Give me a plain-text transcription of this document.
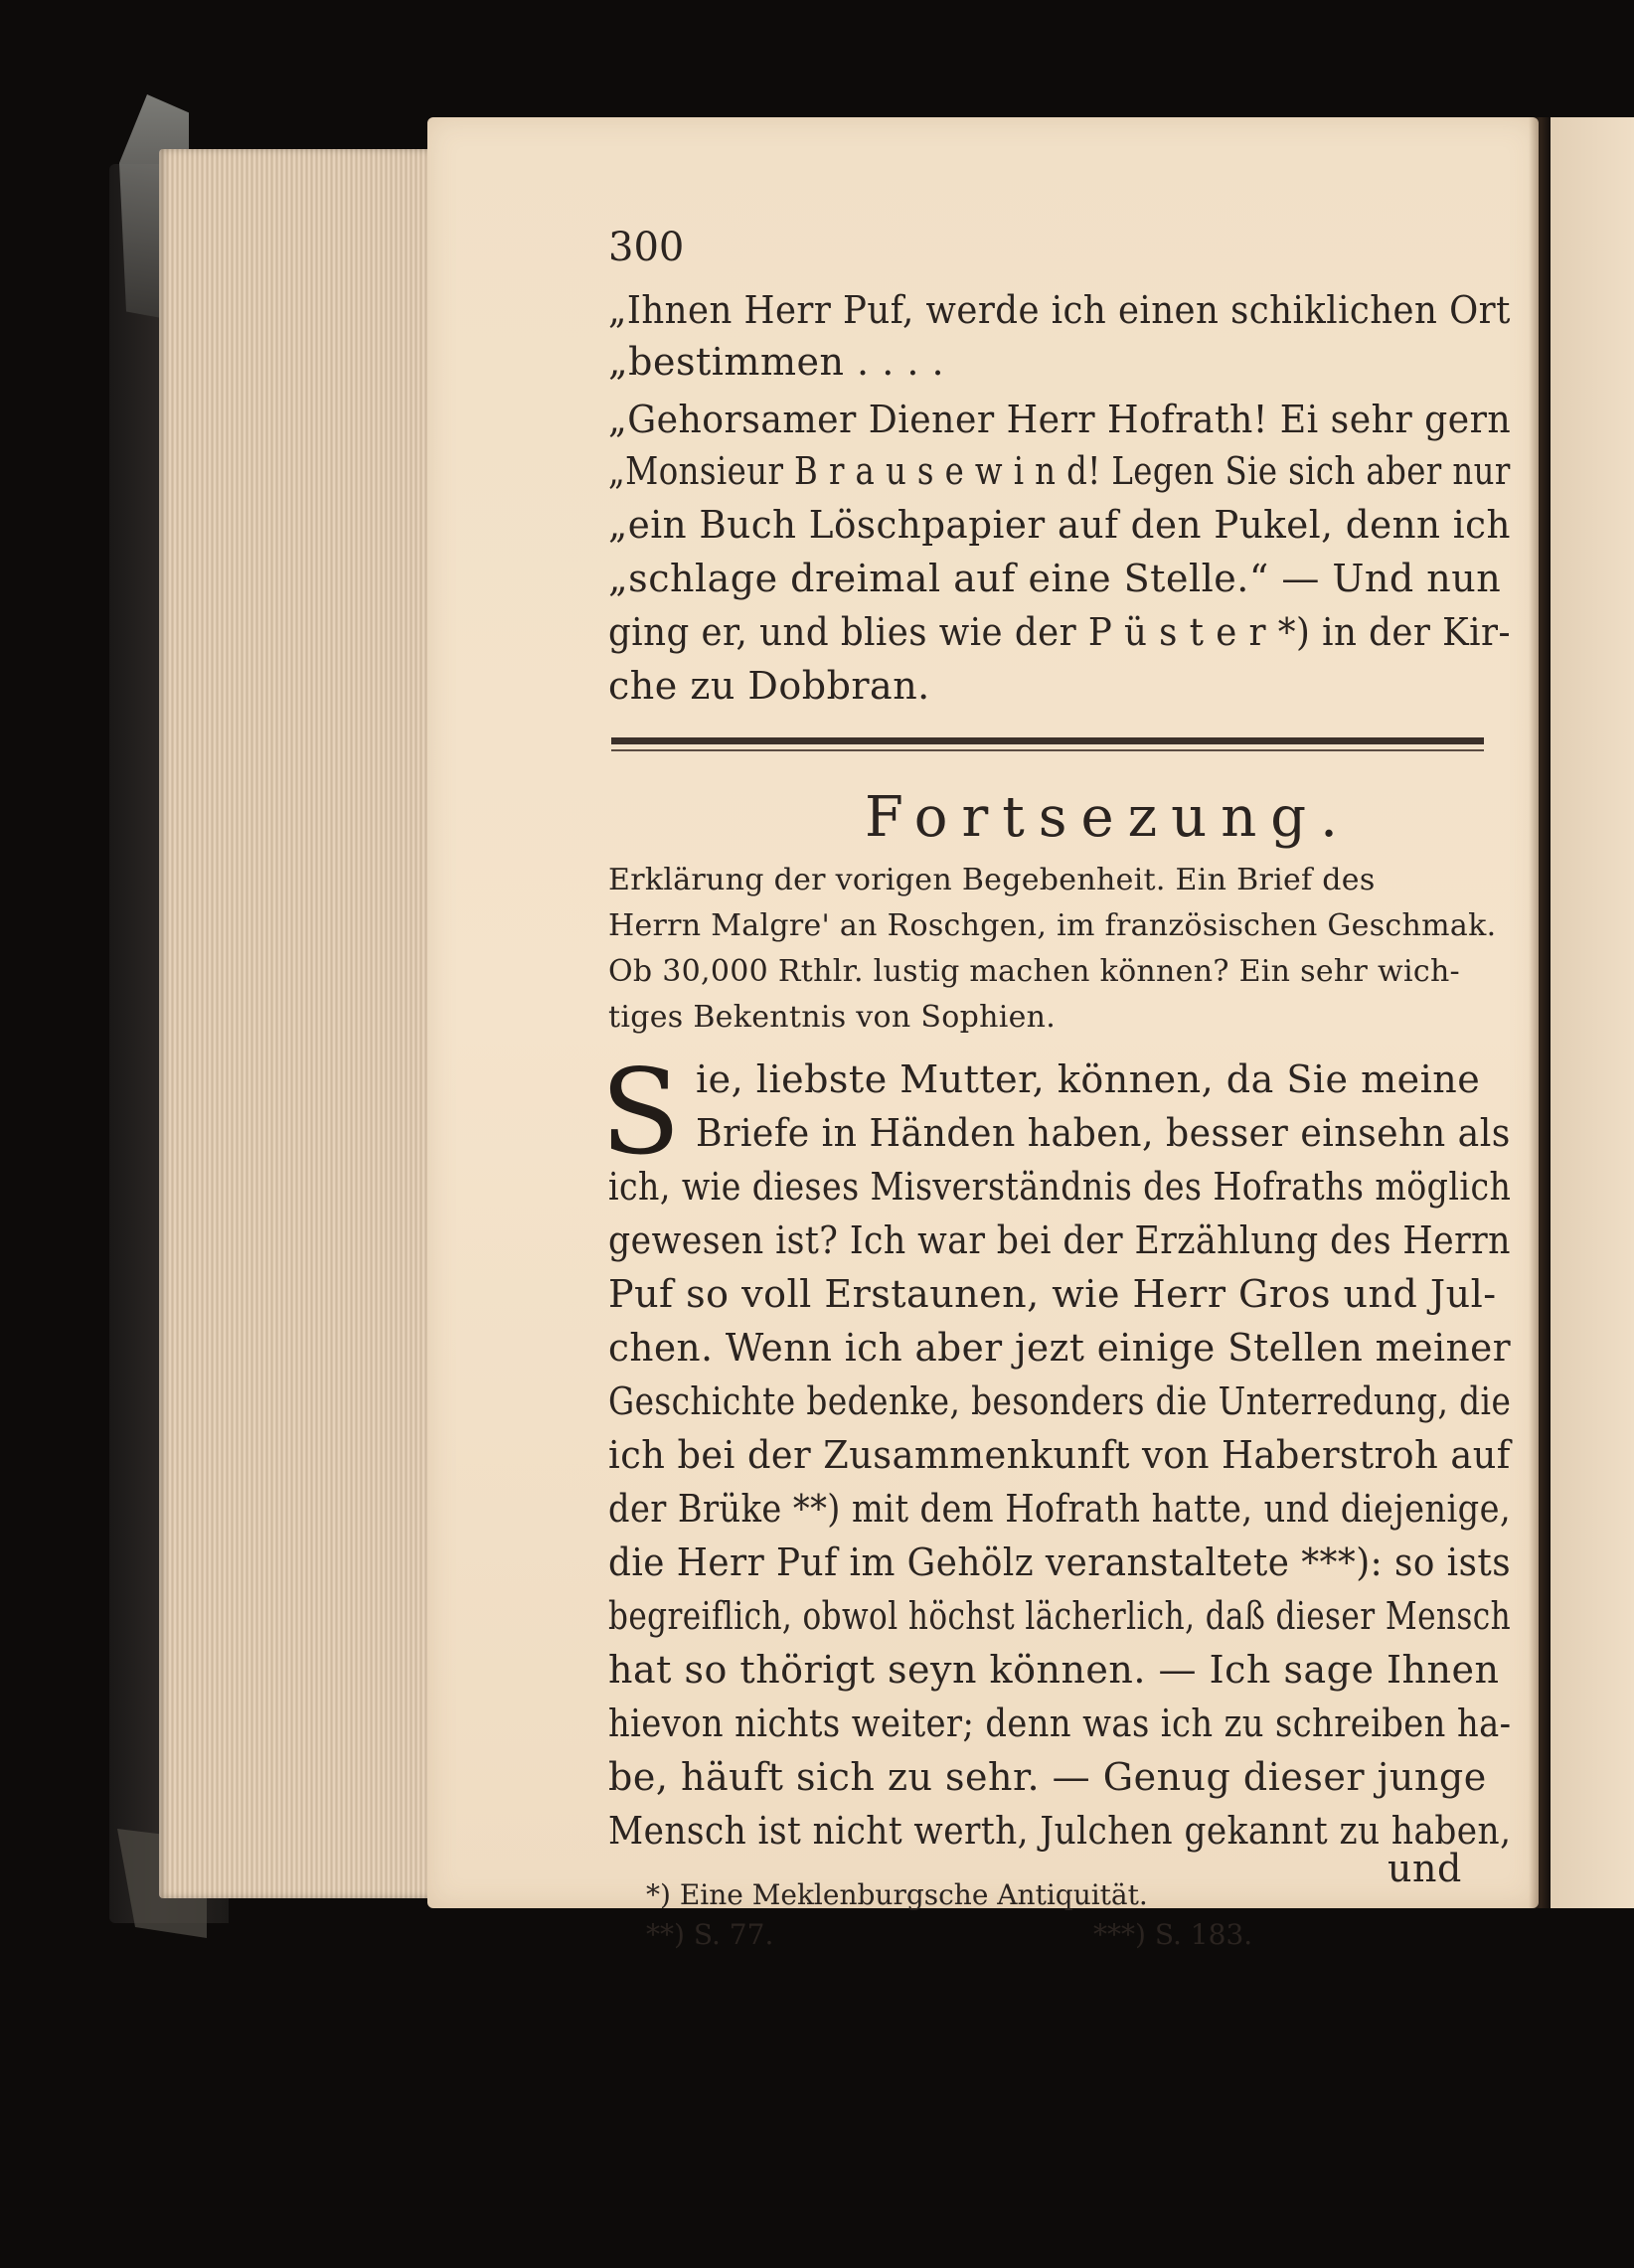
300
„Ihnen Herr Puf, werde ich einen schiklichen Ort
„bestimmen . . . .
„Gehorsamer Diener Herr Hofrath! Ei sehr gern
„Monsieur B r a u s e w i n d! Legen Sie sich aber nur
„ein Buch Löschpapier auf den Pukel, denn ich
„schlage dreimal auf eine Stelle.“ — Und nun
ging er, und blies wie der P ü s t e r *) in der Kir-
che zu Dobbran.
Fortsezung.
Erklärung der vorigen Begebenheit. Ein Brief des
Herrn Malgre' an Roschgen, im französischen Geschmak.
Ob 30,000 Rthlr. lustig machen können? Ein sehr wich-
tiges Bekentnis von Sophien.
S ie, liebste Mutter, können, da Sie meine
Briefe in Händen haben, besser einsehn als
ich, wie dieses Misverständnis des Hofraths möglich
gewesen ist? Ich war bei der Erzählung des Herrn
Puf so voll Erstaunen, wie Herr Gros und Jul-
chen. Wenn ich aber jezt einige Stellen meiner
Geschichte bedenke, besonders die Unterredung, die
ich bei der Zusammenkunft von Haberstroh auf
der Brüke **) mit dem Hofrath hatte, und diejenige,
die Herr Puf im Gehölz veranstaltete ***): so ists
begreiflich, obwol höchst lächerlich, daß dieser Mensch
hat so thörigt seyn können. — Ich sage Ihnen
hievon nichts weiter; denn was ich zu schreiben ha-
be, häuft sich zu sehr. — Genug dieser junge
Mensch ist nicht werth, Julchen gekannt zu haben,
und
*) Eine Meklenburgsche Antiquität.
**) S. 77.	***) S. 183.
